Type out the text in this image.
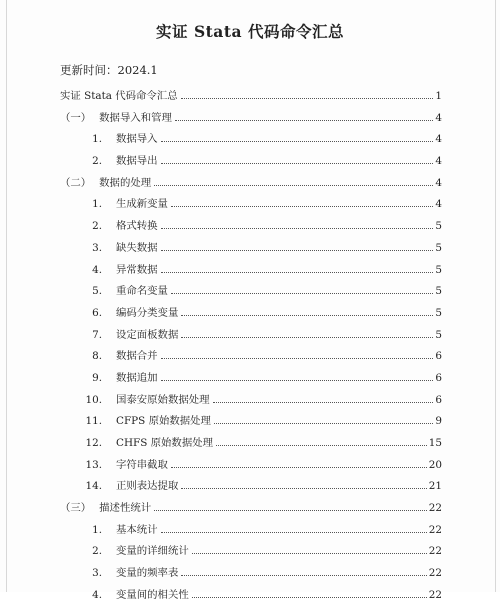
实证 Stata 代码命令汇总
更新时间：2024.1
实证 Stata 代码命令汇总	1
（一） 数据导入和管理	4
1. 数据导入	4
2. 数据导出	4
（二） 数据的处理	4
1. 生成新变量	4
2. 格式转换	5
3. 缺失数据	5
4. 异常数据	5
5. 重命名变量	5
6. 编码分类变量	5
7. 设定面板数据	5
8. 数据合并	6
9. 数据追加	6
10. 国泰安原始数据处理	6
11. CFPS 原始数据处理	9
12. CHFS 原始数据处理	15
13. 字符串截取	20
14. 正则表达提取	21
（三） 描述性统计	22
1. 基本统计	22
2. 变量的详细统计	22
3. 变量的频率表	22
4. 变量间的相关性	22
